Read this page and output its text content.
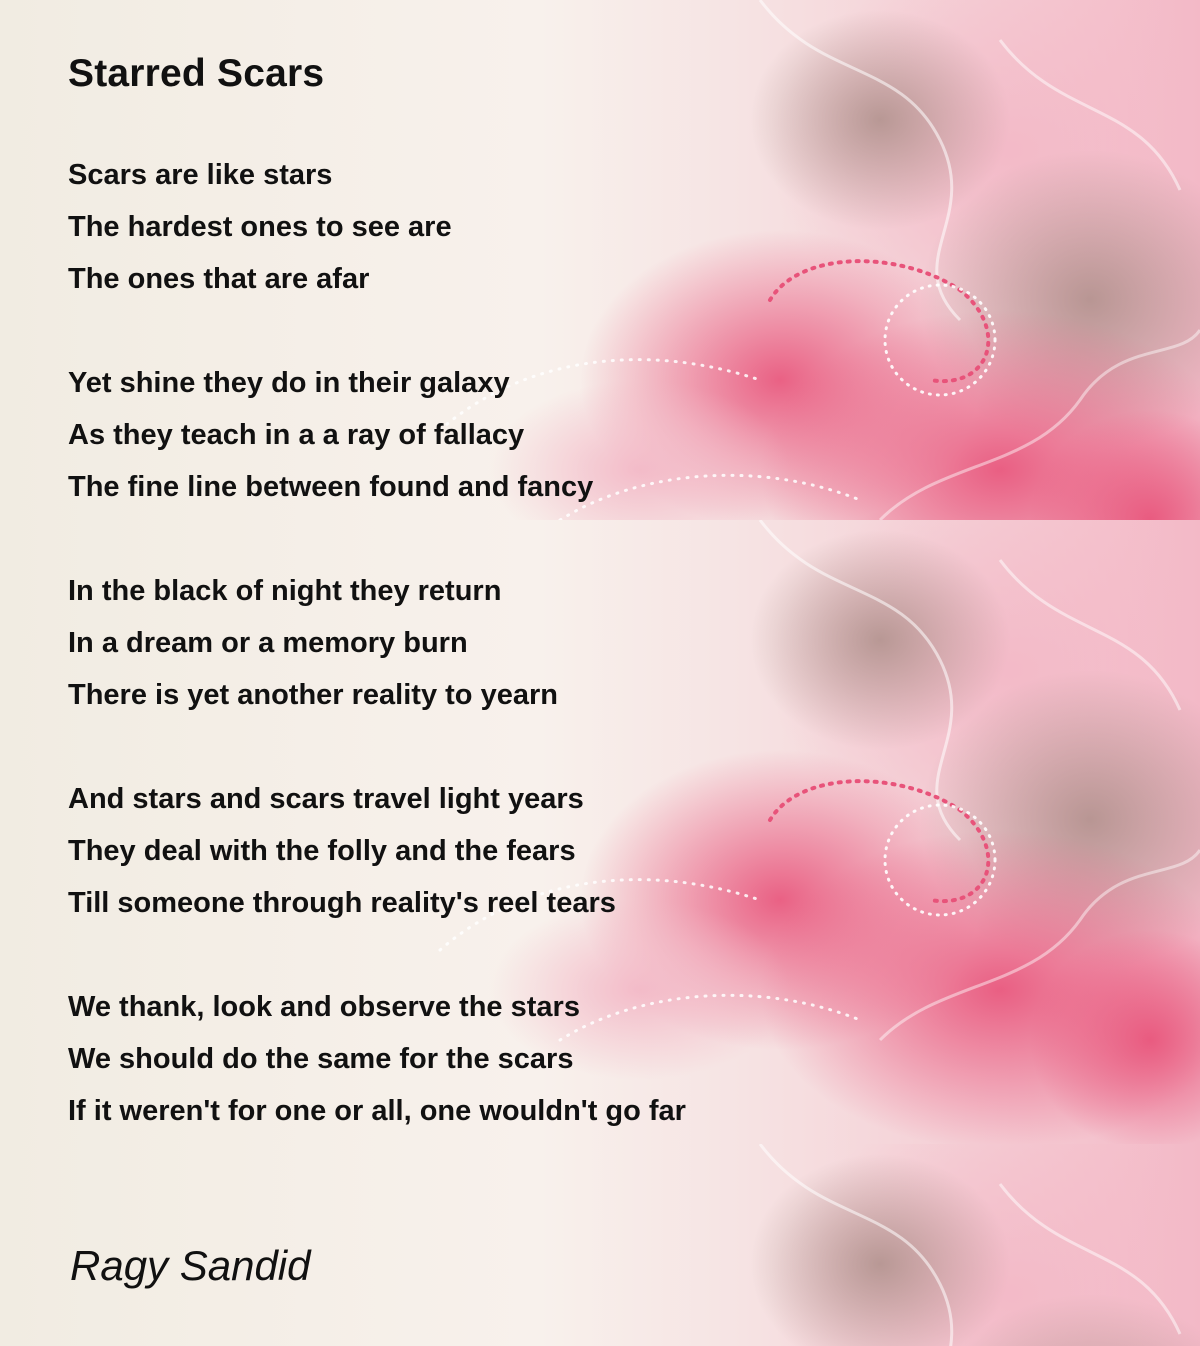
Starred Scars
Scars are like stars
The hardest ones to see are
The ones that are afar
Yet shine they do in their galaxy
As they teach in a a ray of fallacy
The fine line between found and fancy
In the black of night they return
In a dream or a memory burn
There is yet another reality to yearn
And stars and scars travel light years
They deal with the folly and the fears
Till someone through reality's reel tears
We thank, look and observe the stars
We should do the same for the scars
If it weren't for one or all, one wouldn't go far
Ragy Sandid
